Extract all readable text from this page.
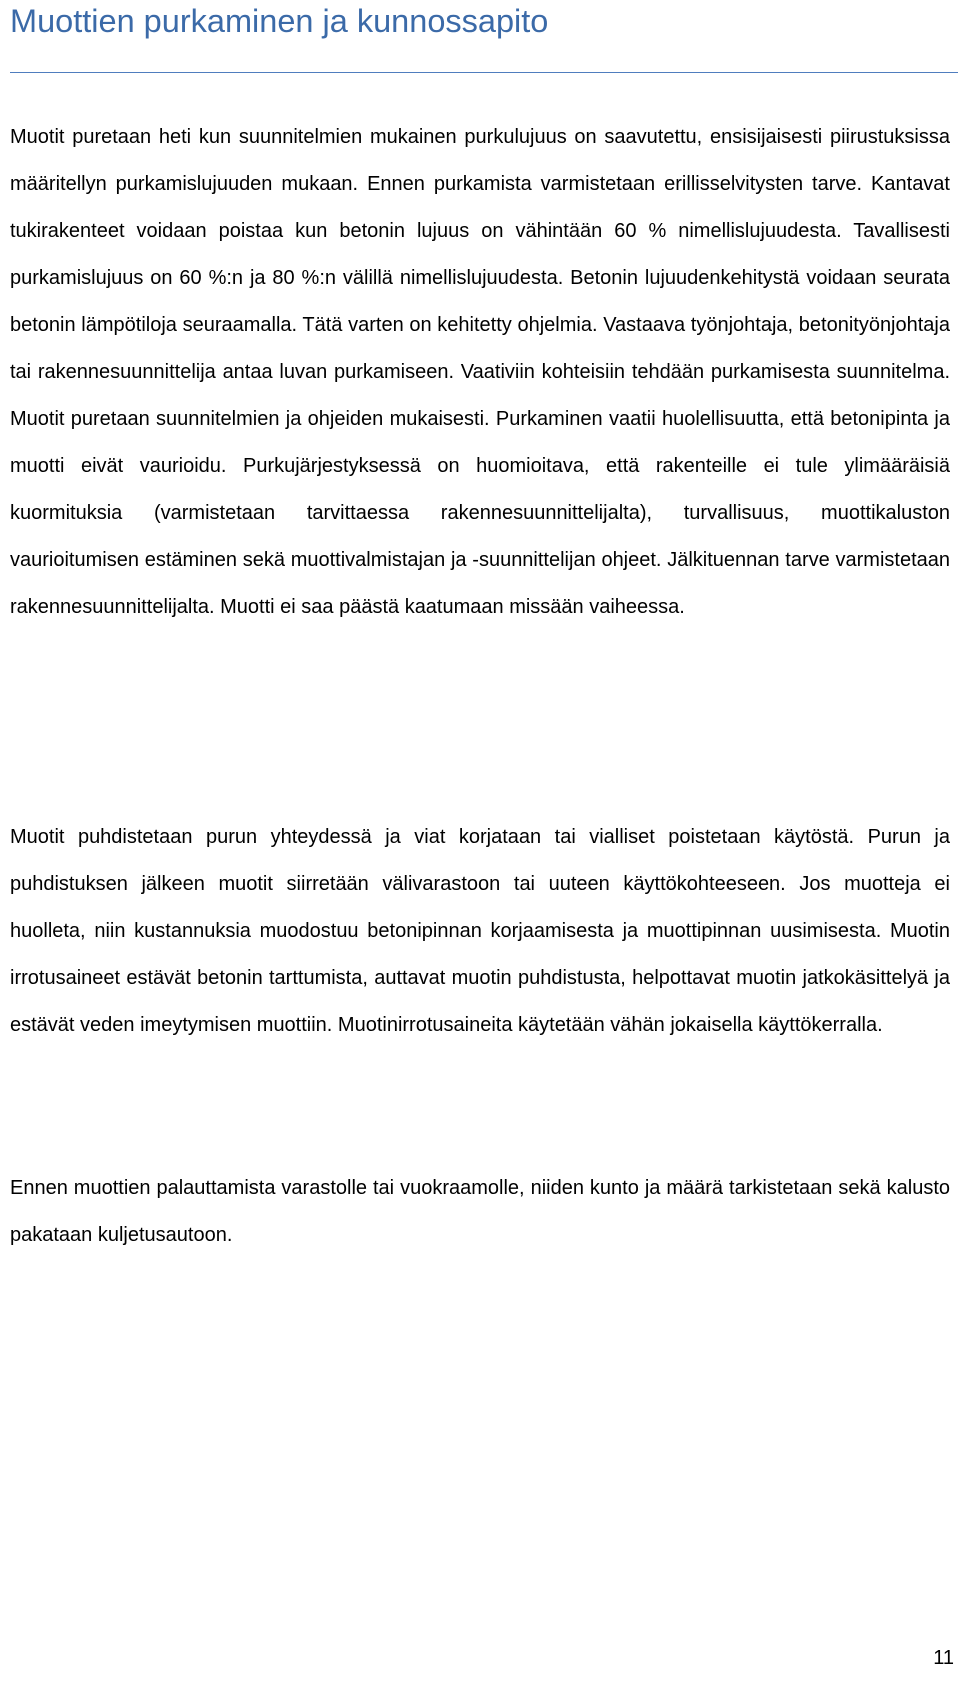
Muottien purkaminen ja kunnossapito

Muotit puretaan heti kun suunnitelmien mukainen purkulujuus on saavutettu, ensisijaisesti piirustuksissa määritellyn purkamislujuuden mukaan. Ennen purkamista varmistetaan erillisselvitysten tarve. Kantavat tukirakenteet voidaan poistaa kun betonin lujuus on vähintään 60 % nimellislujuudesta. Tavallisesti purkamislujuus on 60 %:n ja 80 %:n välillä nimellislujuudesta. Betonin lujuudenkehitystä voidaan seurata betonin lämpötiloja seuraamalla. Tätä varten on kehitetty ohjelmia. Vastaava työnjohtaja, betonityönjohtaja tai rakennesuunnittelija antaa luvan purkamiseen. Vaativiin kohteisiin tehdään purkamisesta suunnitelma. Muotit puretaan suunnitelmien ja ohjeiden mukaisesti. Purkaminen vaatii huolellisuutta, että betonipinta ja muotti eivät vaurioidu. Purkujärjestyksessä on huomioitava, että rakenteille ei tule ylimääräisiä kuormituksia (varmistetaan tarvittaessa rakennesuunnittelijalta), turvallisuus, muottikaluston vaurioitumisen estäminen sekä muottivalmistajan ja -suunnittelijan ohjeet. Jälkituennan tarve varmistetaan rakennesuunnittelijalta. Muotti ei saa päästä kaatumaan missään vaiheessa.

Muotit puhdistetaan purun yhteydessä ja viat korjataan tai vialliset poistetaan käytöstä. Purun ja puhdistuksen jälkeen muotit siirretään välivarastoon tai uuteen käyttökohteeseen. Jos muotteja ei huolleta, niin kustannuksia muodostuu betonipinnan korjaamisesta ja muottipinnan uusimisesta. Muotin irrotusaineet estävät betonin tarttumista, auttavat muotin puhdistusta, helpottavat muotin jatkokäsittelyä ja estävät veden imeytymisen muottiin. Muotinirrotusaineita käytetään vähän jokaisella käyttökerralla.

Ennen muottien palauttamista varastolle tai vuokraamolle, niiden kunto ja määrä tarkistetaan sekä kalusto pakataan kuljetusautoon.

11
